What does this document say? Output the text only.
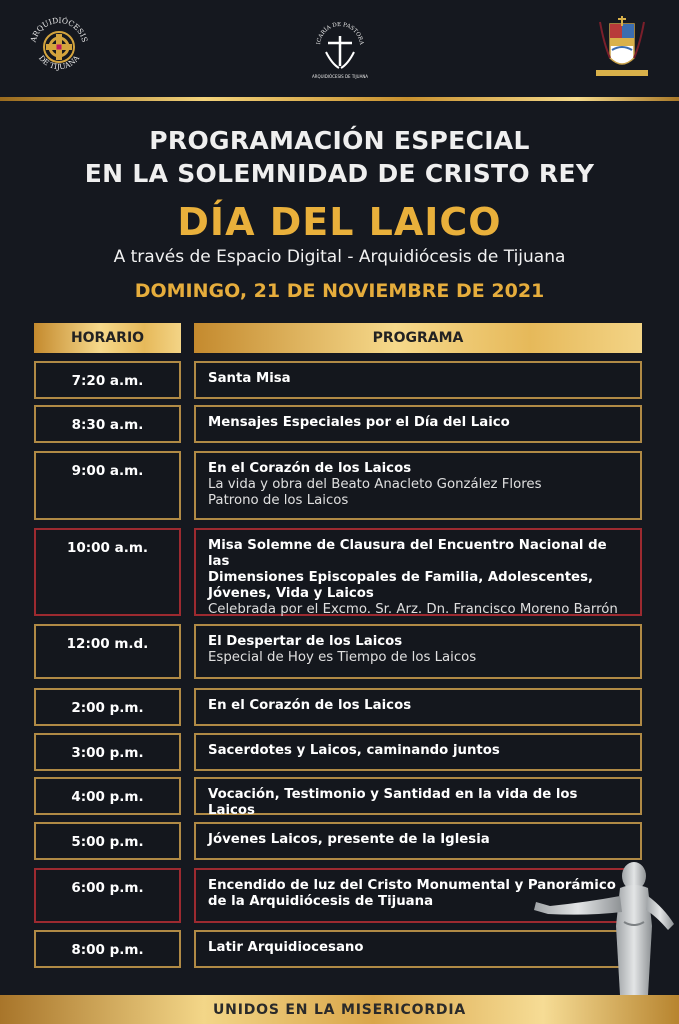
ARQUIDIÓCESIS
DE TIJUANA
ICARÍA DE PASTORA
ARQUIDIÓCESIS DE TIJUANA
PROGRAMACIÓN ESPECIAL
EN LA SOLEMNIDAD DE CRISTO REY
DÍA DEL LAICO
A través de Espacio Digital - Arquidiócesis de Tijuana
DOMINGO, 21 DE NOVIEMBRE DE 2021
HORARIO	PROGRAMA
7:20 a.m.	Santa Misa
8:30 a.m.	Mensajes Especiales por el Día del Laico
9:00 a.m.	En el Corazón de los Laicos
La vida y obra del Beato Anacleto González Flores
Patrono de los Laicos
10:00 a.m.	Misa Solemne de Clausura del Encuentro Nacional de las
Dimensiones Episcopales de Familia, Adolescentes,
Jóvenes, Vida y Laicos
Celebrada por el Excmo. Sr. Arz. Dn. Francisco Moreno Barrón
12:00 m.d.	El Despertar de los Laicos
Especial de Hoy es Tiempo de los Laicos
2:00 p.m.	En el Corazón de los Laicos
3:00 p.m.	Sacerdotes y Laicos, caminando juntos
4:00 p.m.	Vocación, Testimonio y Santidad en la vida de los Laicos
5:00 p.m.	Jóvenes Laicos, presente de la Iglesia
6:00 p.m.	Encendido de luz del Cristo Monumental y Panorámico
de la Arquidiócesis de Tijuana
8:00 p.m.	Latir Arquidiocesano
UNIDOS EN LA MISERICORDIA
